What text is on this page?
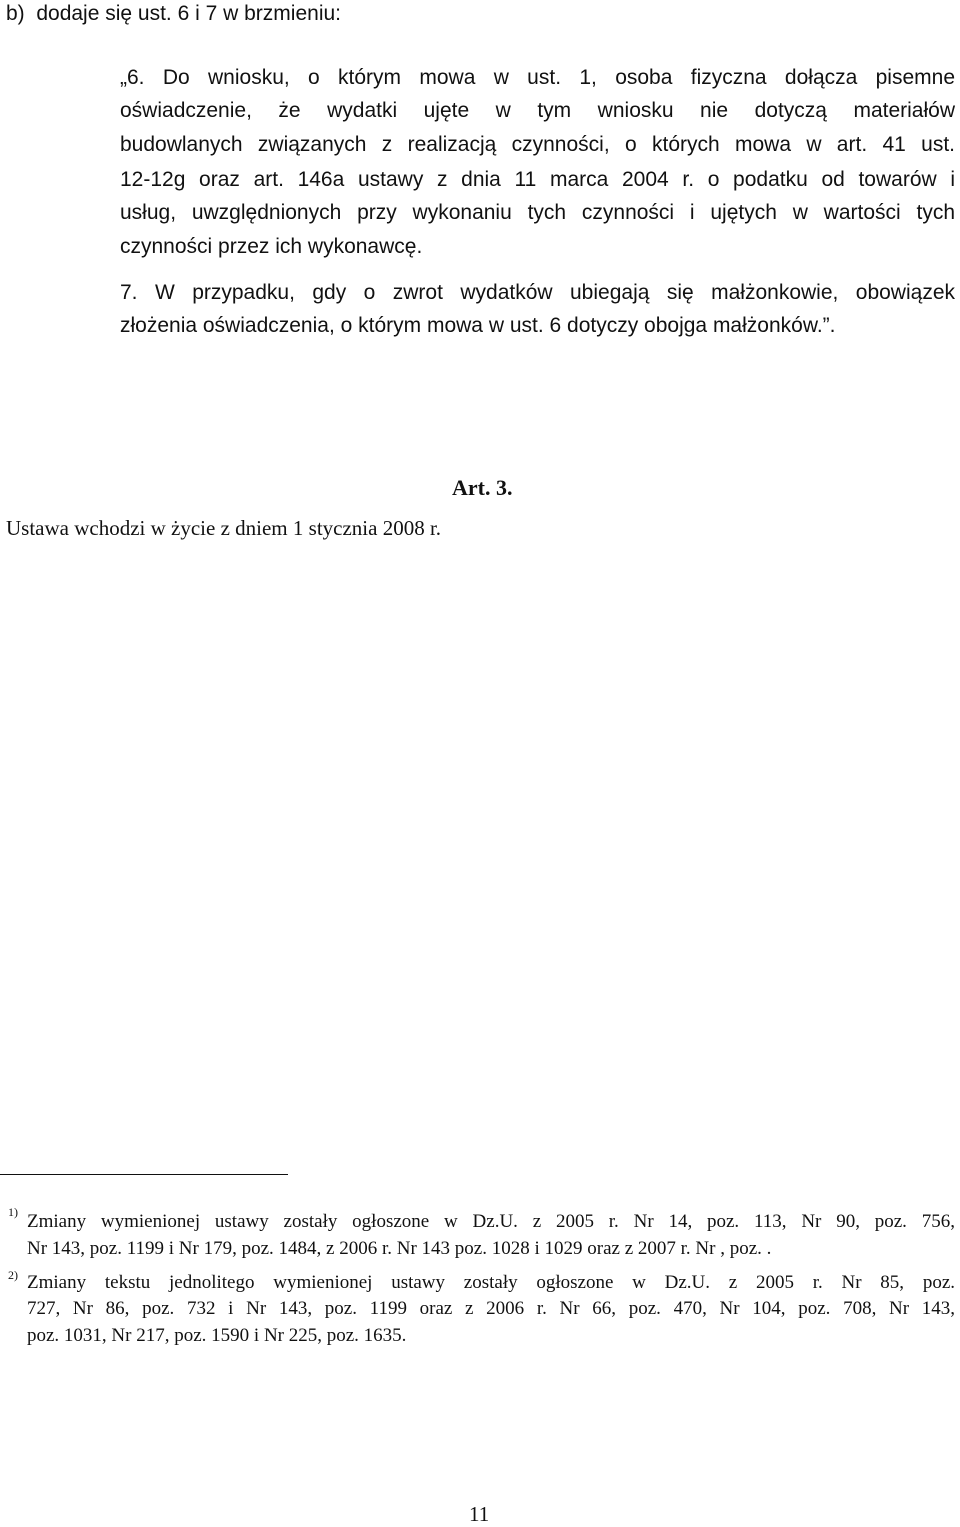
b)  dodaje się ust. 6 i 7 w brzmieniu:
„6. Do wniosku, o którym mowa w ust. 1, osoba fizyczna dołącza pisemne
oświadczenie, że wydatki ujęte w tym wniosku nie dotyczą materiałów
budowlanych związanych z realizacją czynności, o których mowa w art. 41 ust.
12-12g oraz art. 146a ustawy z dnia 11 marca 2004 r. o podatku od towarów i
usług, uwzględnionych przy wykonaniu tych czynności i ujętych w wartości tych
czynności przez ich wykonawcę.
7. W przypadku, gdy o zwrot wydatków ubiegają się małżonkowie, obowiązek
złożenia oświadczenia, o którym mowa w ust. 6 dotyczy obojga małżonków.”.
Art. 3.
Ustawa wchodzi w życie z dniem 1 stycznia 2008 r.
1) Zmiany wymienionej ustawy zostały ogłoszone w Dz.U. z 2005 r. Nr 14, poz. 113, Nr 90, poz. 756,
Nr 143, poz. 1199 i Nr 179, poz. 1484, z 2006 r. Nr 143 poz. 1028 i 1029 oraz z 2007 r. Nr , poz. .
2) Zmiany tekstu jednolitego wymienionej ustawy zostały ogłoszone w Dz.U. z 2005 r. Nr 85, poz.
727, Nr 86, poz. 732 i Nr 143, poz. 1199 oraz z 2006 r. Nr 66, poz. 470, Nr 104, poz. 708, Nr 143,
poz. 1031, Nr 217, poz. 1590 i Nr 225, poz. 1635.
11
